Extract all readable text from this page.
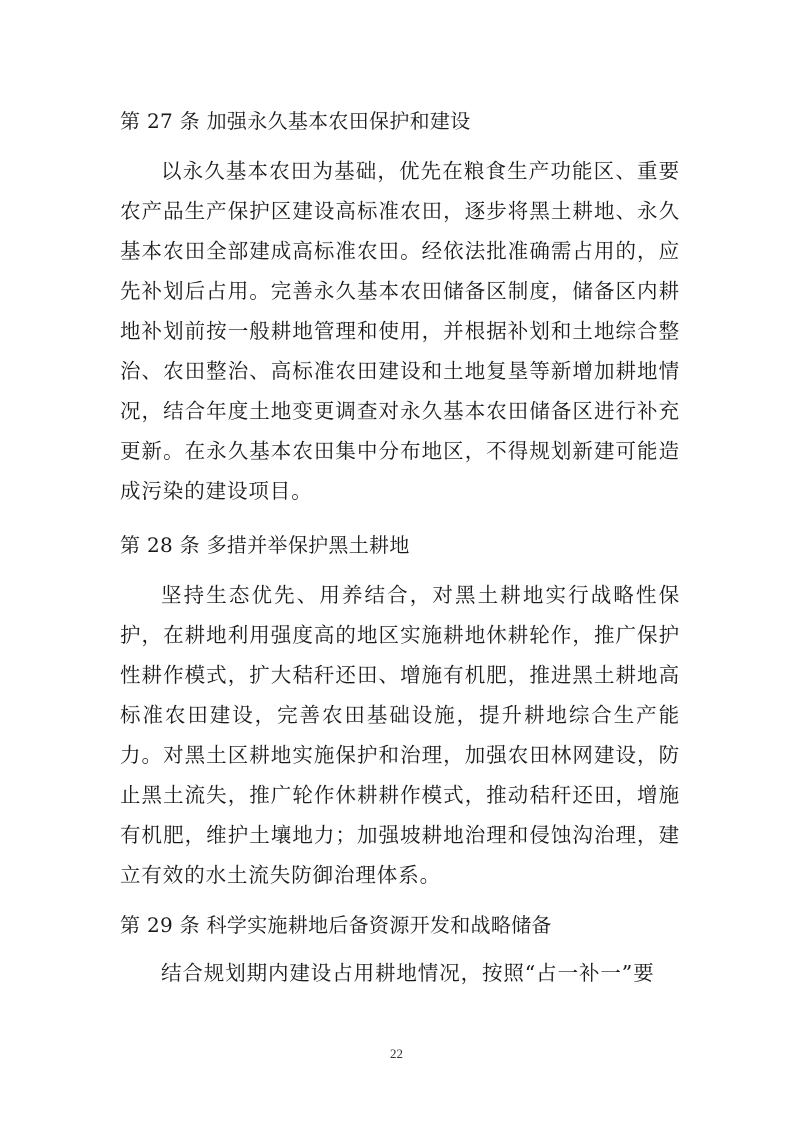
第 27 条 加强永久基本农田保护和建设

以永久基本农田为基础，优先在粮食生产功能区、重要农产品生产保护区建设高标准农田，逐步将黑土耕地、永久基本农田全部建成高标准农田。经依法批准确需占用的，应先补划后占用。完善永久基本农田储备区制度，储备区内耕地补划前按一般耕地管理和使用，并根据补划和土地综合整治、农田整治、高标准农田建设和土地复垦等新增加耕地情况，结合年度土地变更调查对永久基本农田储备区进行补充更新。在永久基本农田集中分布地区，不得规划新建可能造成污染的建设项目。

第 28 条 多措并举保护黑土耕地

坚持生态优先、用养结合，对黑土耕地实行战略性保护，在耕地利用强度高的地区实施耕地休耕轮作，推广保护性耕作模式，扩大秸秆还田、增施有机肥，推进黑土耕地高标准农田建设，完善农田基础设施，提升耕地综合生产能力。对黑土区耕地实施保护和治理，加强农田林网建设，防止黑土流失，推广轮作休耕耕作模式，推动秸秆还田，增施有机肥，维护土壤地力；加强坡耕地治理和侵蚀沟治理，建立有效的水土流失防御治理体系。

第 29 条 科学实施耕地后备资源开发和战略储备

结合规划期内建设占用耕地情况，按照“占一补一”要

22
